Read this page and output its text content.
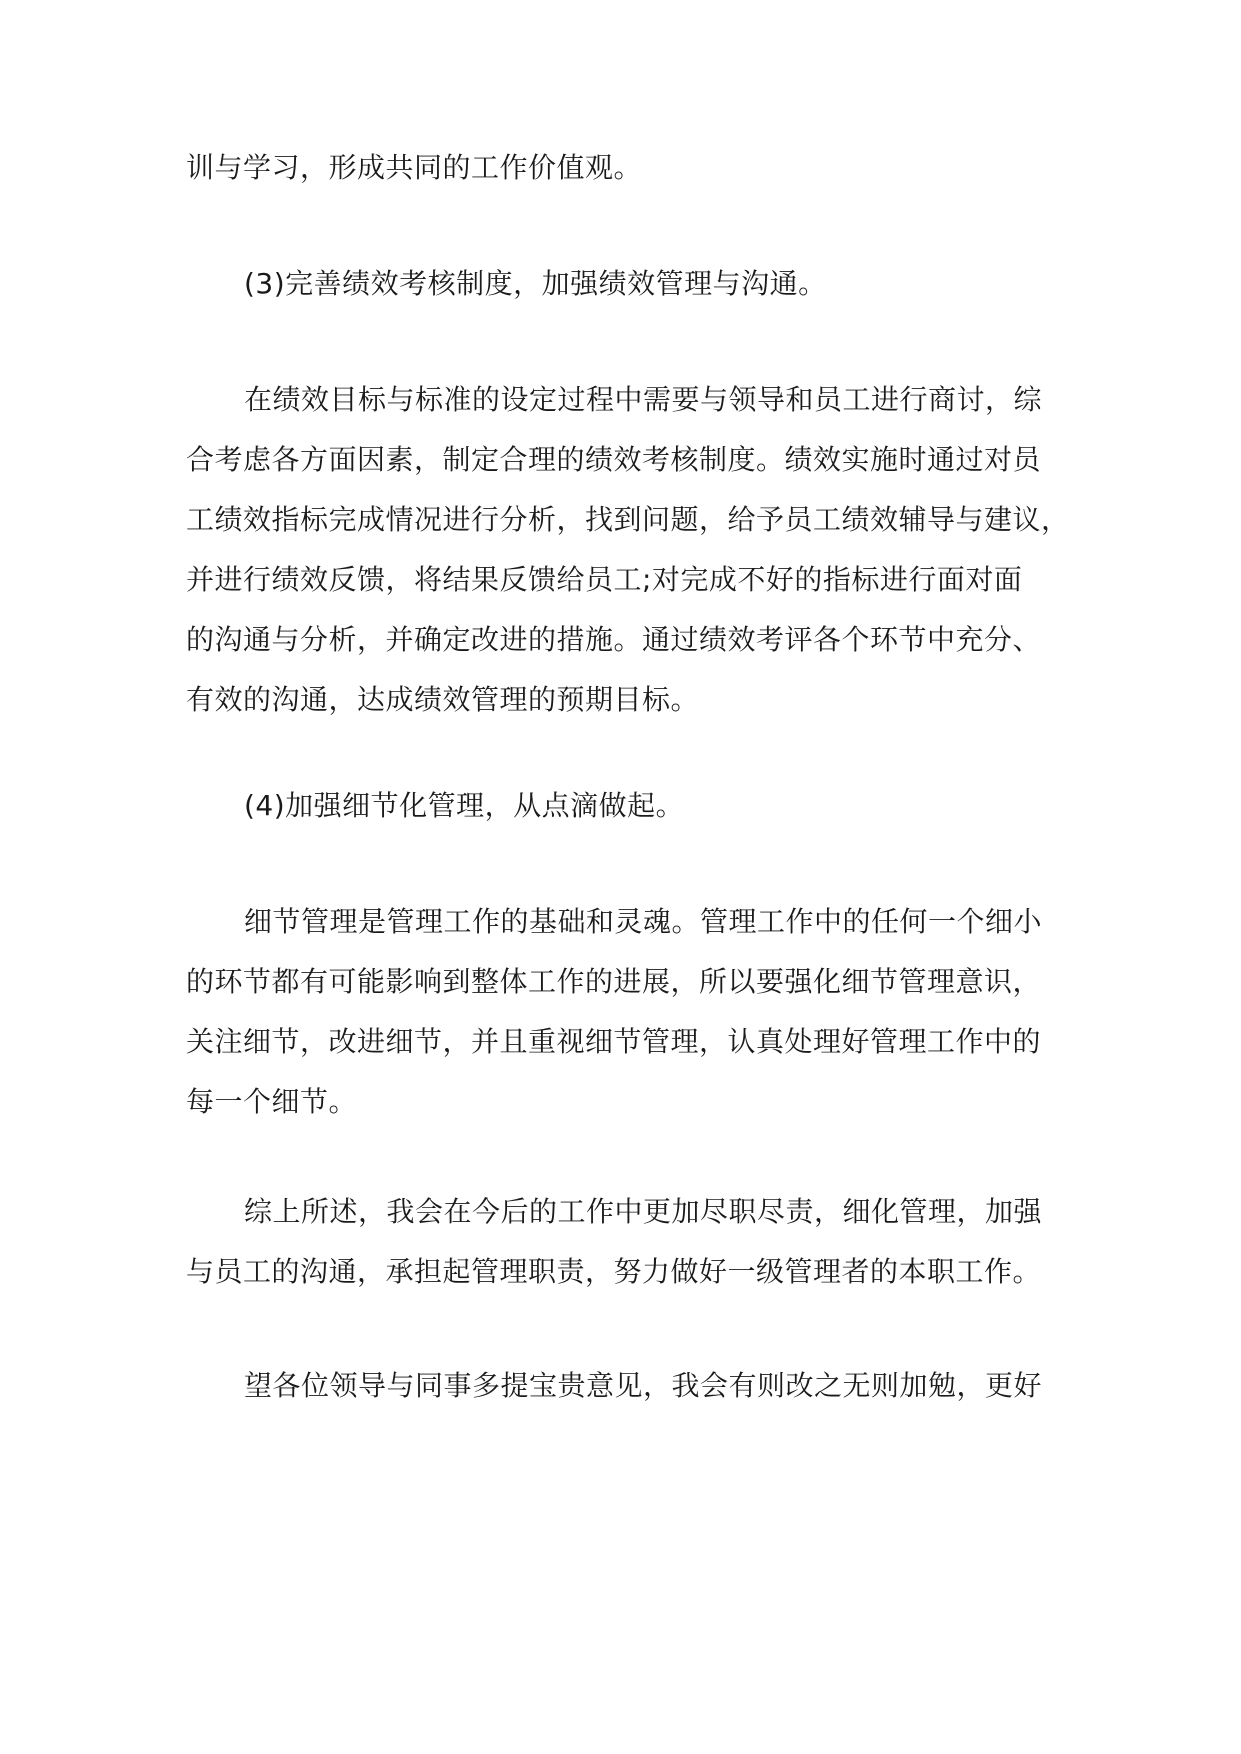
训与学习，形成共同的工作价值观。

(3)完善绩效考核制度，加强绩效管理与沟通。

在绩效目标与标准的设定过程中需要与领导和员工进行商讨，综
合考虑各方面因素，制定合理的绩效考核制度。绩效实施时通过对员
工绩效指标完成情况进行分析，找到问题，给予员工绩效辅导与建议，
并进行绩效反馈，将结果反馈给员工;对完成不好的指标进行面对面
的沟通与分析，并确定改进的措施。通过绩效考评各个环节中充分、
有效的沟通，达成绩效管理的预期目标。

(4)加强细节化管理，从点滴做起。

细节管理是管理工作的基础和灵魂。管理工作中的任何一个细小
的环节都有可能影响到整体工作的进展，所以要强化细节管理意识，
关注细节，改进细节，并且重视细节管理，认真处理好管理工作中的
每一个细节。

综上所述，我会在今后的工作中更加尽职尽责，细化管理，加强
与员工的沟通，承担起管理职责，努力做好一级管理者的本职工作。

望各位领导与同事多提宝贵意见，我会有则改之无则加勉，更好
